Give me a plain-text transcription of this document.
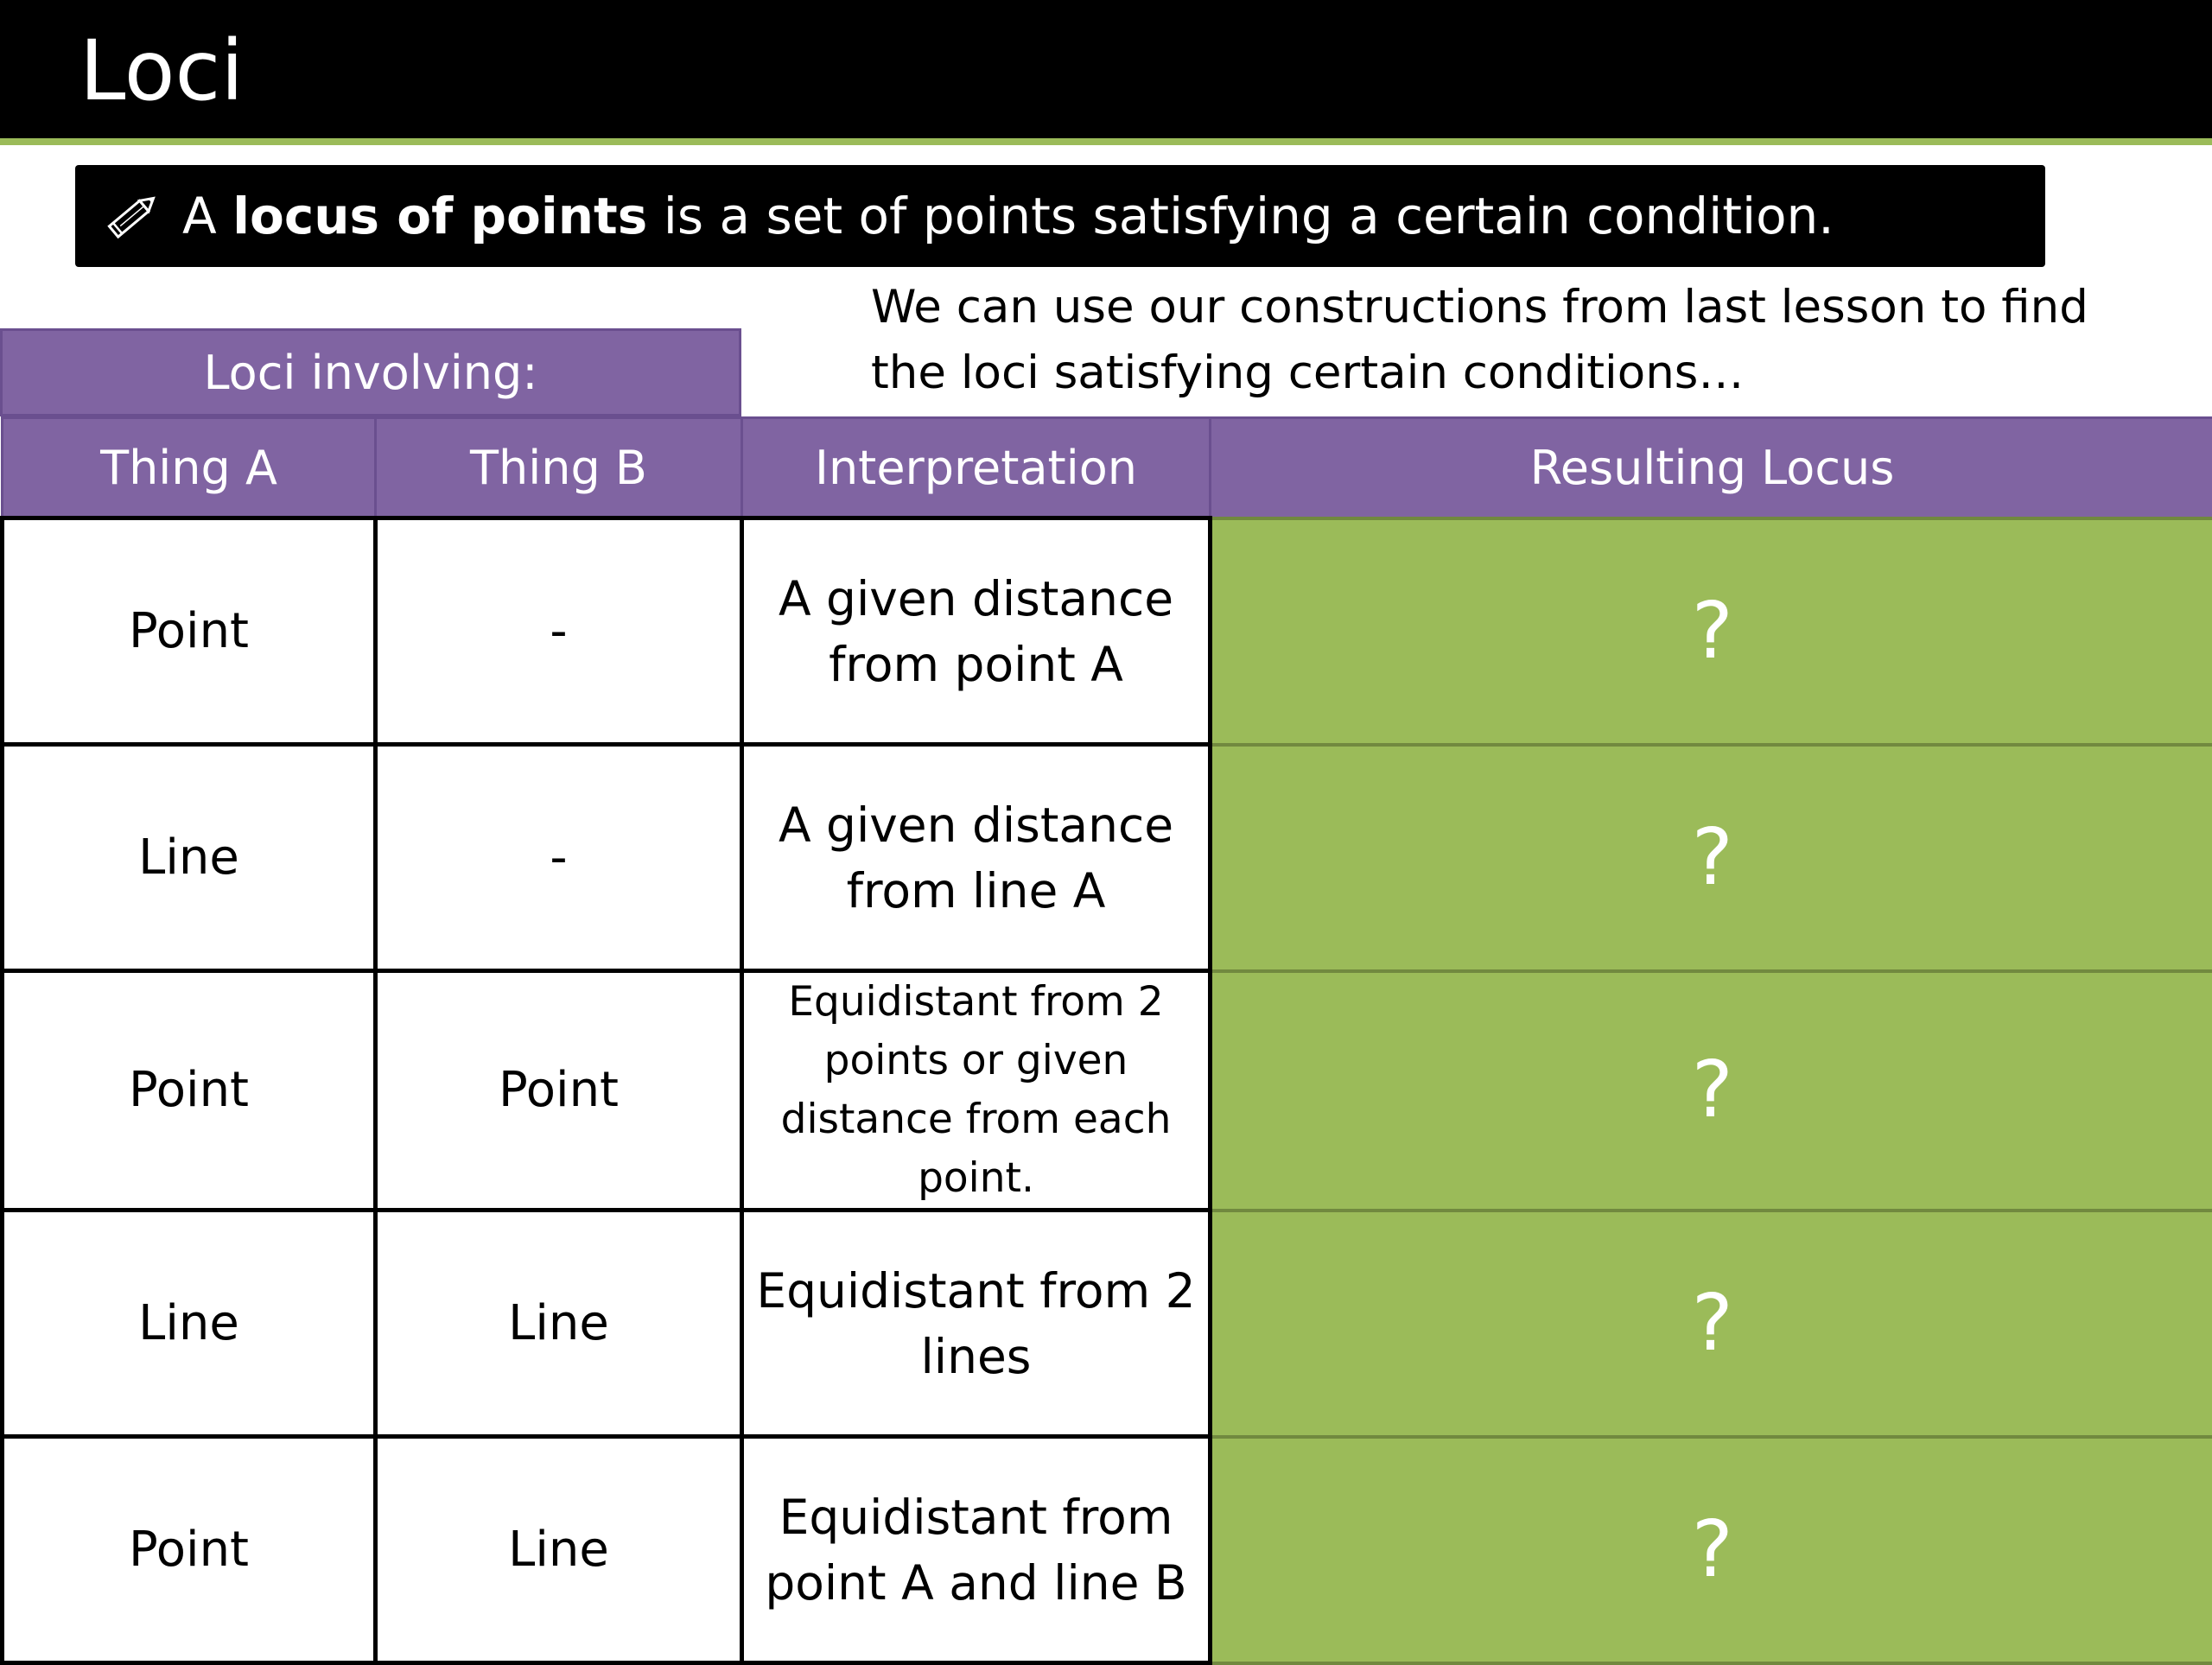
Loci
A
locus of points
is a set of points satisfying a certain condition.
We can use our constructions from last lesson to find the loci satisfying certain conditions…
Loci involving:
Thing A	Thing B	Interpretation	Resulting Locus
Point	-	A given distance from point A	?
Line	-	A given distance from line A	?
Point	Point	Equidistant from 2 points or given distance from each point.	?
Line	Line	Equidistant from 2 lines	?
Point	Line	Equidistant from point A and line B	?
